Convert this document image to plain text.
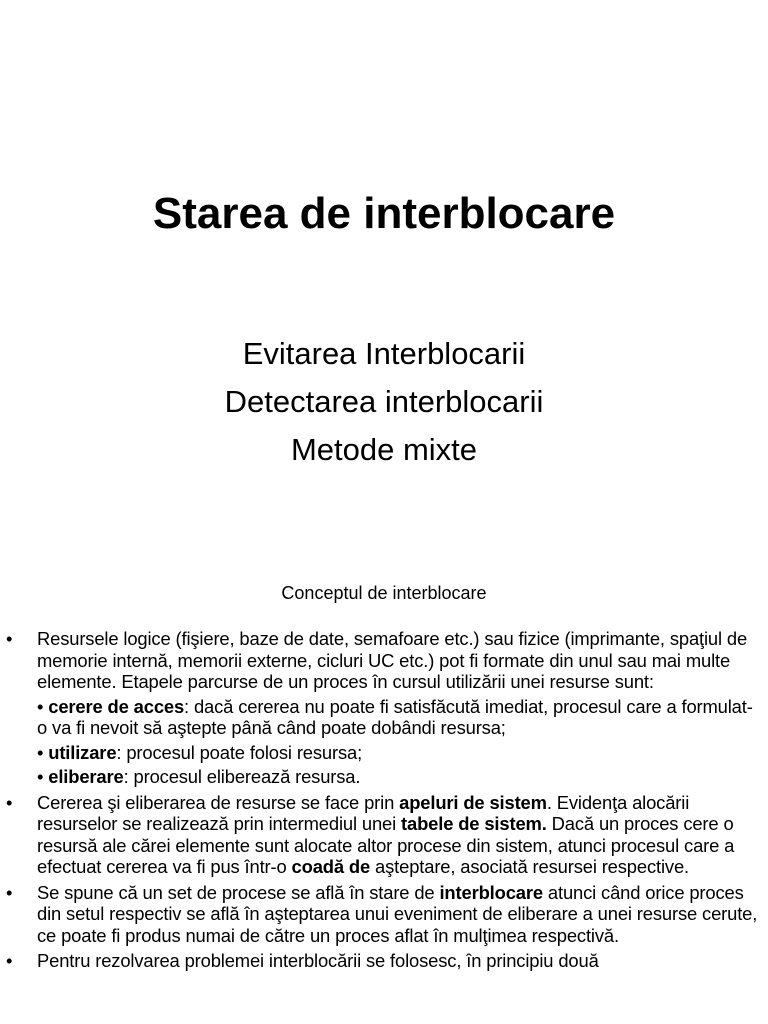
Starea de interblocare
Evitarea Interblocarii
Detectarea interblocarii
Metode mixte
Conceptul de interblocare
• Resursele logice (fişiere, baze de date, semafoare etc.) sau fizice (imprimante, spaţiul de memorie internă, memorii externe, cicluri UC etc.) pot fi formate din unul sau mai multe elemente. Etapele parcurse de un proces în cursul utilizării unei resurse sunt:
• cerere de acces: dacă cererea nu poate fi satisfăcută imediat, procesul care a formulat-o va fi nevoit să aştepte până când poate dobândi resursa;
• utilizare: procesul poate folosi resursa;
• eliberare: procesul eliberează resursa.
• Cererea şi eliberarea de resurse se face prin apeluri de sistem. Evidenţa alocării resurselor se realizează prin intermediul unei tabele de sistem. Dacă un proces cere o resursă ale cărei elemente sunt alocate altor procese din sistem, atunci procesul care a efectuat cererea va fi pus într-o coadă de aşteptare, asociată resursei respective.
• Se spune că un set de procese se află în stare de interblocare atunci când orice proces din setul respectiv se află în aşteptarea unui eveniment de eliberare a unei resurse cerute, ce poate fi produs numai de către un proces aflat în mulţimea respectivă.
• Pentru rezolvarea problemei interblocării se folosesc, în principiu două
